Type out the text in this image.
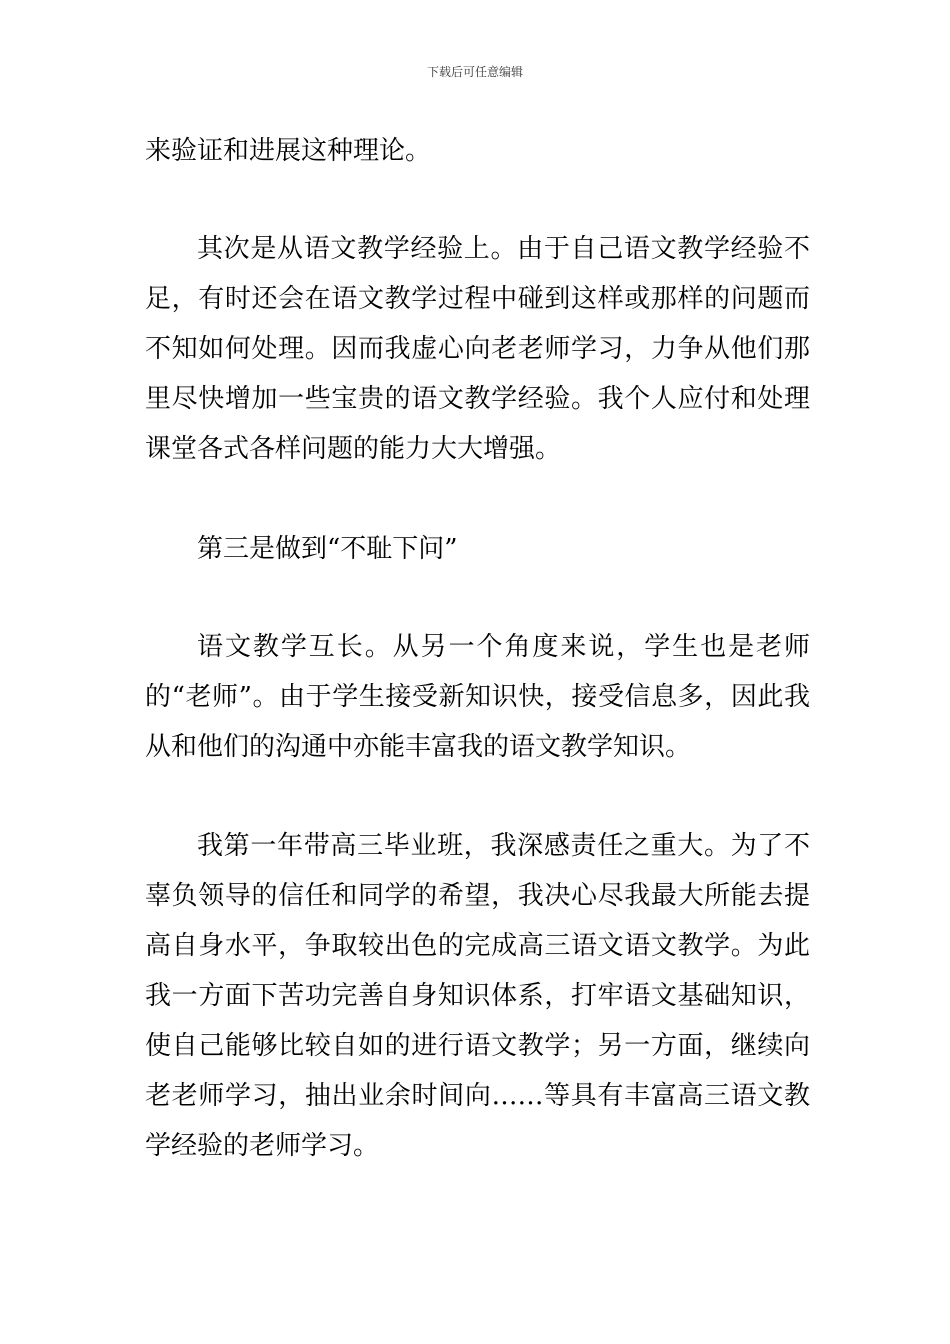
下载后可任意编辑

来验证和进展这种理论。

其次是从语文教学经验上。由于自己语文教学经验不足，有时还会在语文教学过程中碰到这样或那样的问题而不知如何处理。因而我虚心向老老师学习，力争从他们那里尽快增加一些宝贵的语文教学经验。我个人应付和处理课堂各式各样问题的能力大大增强。

第三是做到“不耻下问”

语文教学互长。从另一个角度来说，学生也是老师的“老师”。由于学生接受新知识快，接受信息多，因此我从和他们的沟通中亦能丰富我的语文教学知识。

我第一年带高三毕业班，我深感责任之重大。为了不辜负领导的信任和同学的希望，我决心尽我最大所能去提高自身水平，争取较出色的完成高三语文语文教学。为此我一方面下苦功完善自身知识体系，打牢语文基础知识，使自己能够比较自如的进行语文教学；另一方面，继续向老老师学习，抽出业余时间向……等具有丰富高三语文教学经验的老师学习。
